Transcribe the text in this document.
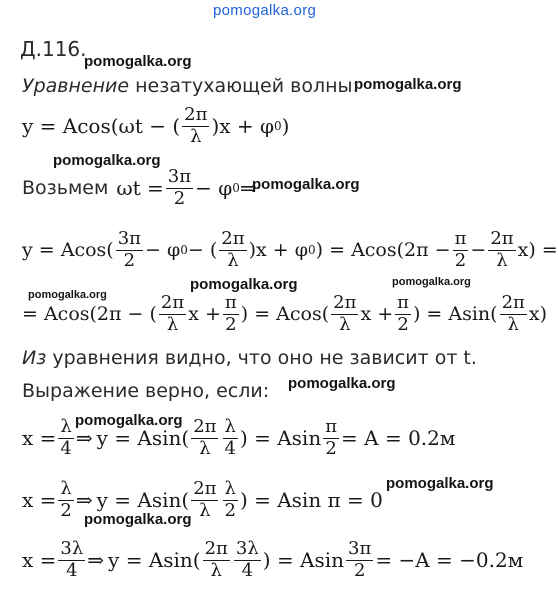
pomogalka.org
pomogalka.org
pomogalka.org
pomogalka.org
pomogalka.org
pomogalka.org	pomogalka.org
pomogalka.org
pomogalka.org
pomogalka.org
pomogalka.org
pomogalka.org
Д.116.
Уравнение незатухающей волны:
y = Acos(ωt − ( $\frac{2\pi}{\lambda} )x + \varphi$ 0 )
Возьмем $\omega t = \frac{3\pi}{2} - \varphi$ 0 ⇒
$y = Acos( \frac{3\pi}{2} - \varphi$ 0 − ( $\frac{2\pi}{\lambda} )x + \varphi$ 0 ) = $Acos(2\pi - \frac{\pi}{2} - \frac{2\pi}{\lambda} x)$ =
= Acos(2π − ( $\frac{2\pi}{\lambda}$ $x + \frac{\pi}{2}$ ) = $Acos( \frac{2\pi}{\lambda}$ $x + \frac{\pi}{2}$ ) = $Asin( \frac{2\pi}{\lambda} x)$
Из уравнения видно, что оно не зависит от t.
Выражение верно, если:
$x = \frac{\lambda}{4}$ ⇒ $y = Asin( \frac{2\pi}{\lambda} \frac{\lambda}{4}$ ) = Asin $\frac{\pi}{2} = A = 0.2м$
$x = \frac{\lambda}{2}$ ⇒ $y = Asin( \frac{2\pi}{\lambda} \frac{\lambda}{2}$ ) = Asin π = 0
$x = \frac{3\lambda}{4}$ ⇒ $y = Asin( \frac{2\pi}{\lambda} \frac{3\lambda}{4}$ ) = Asin $\frac{3\pi}{2} = -A = -0.2м$
